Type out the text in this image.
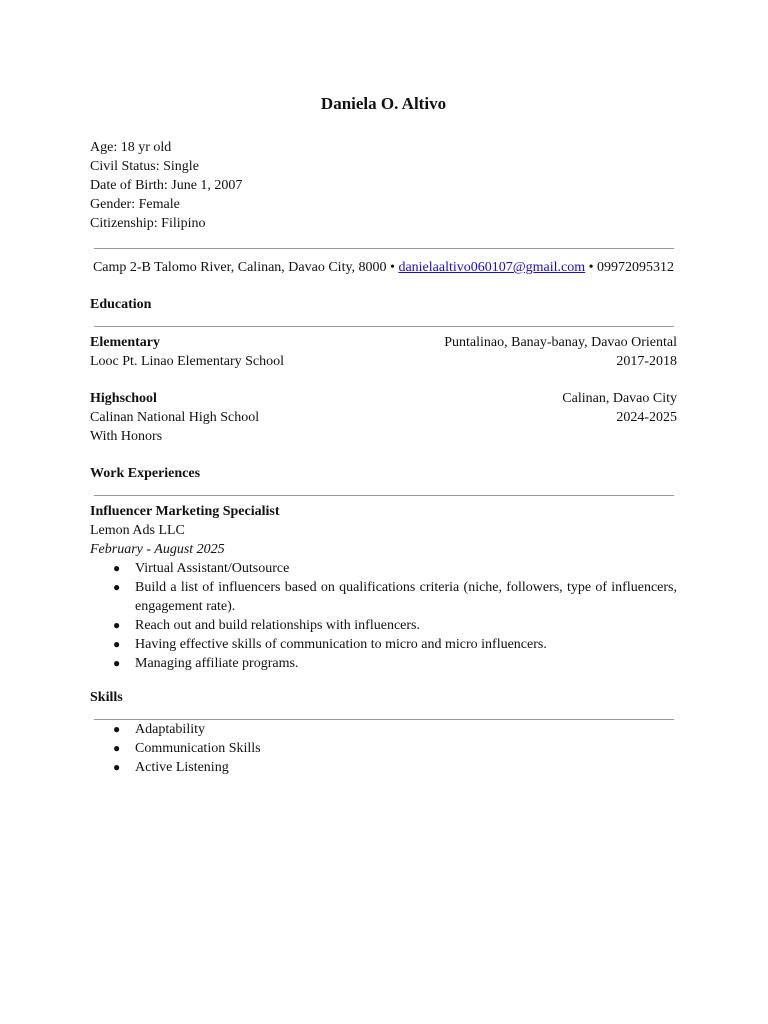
Daniela O. Altivo
Age: 18 yr old
Civil Status: Single
Date of Birth: June 1, 2007
Gender: Female
Citizenship: Filipino
Camp 2-B Talomo River, Calinan, Davao City, 8000 • danielaaltivo060107@gmail.com • 09972095312
Education
Elementary	Puntalinao, Banay-banay, Davao Oriental
Looc Pt. Linao Elementary School	2017-2018
Highschool	Calinan, Davao City
Calinan National High School	2024-2025
With Honors
Work Experiences
Influencer Marketing Specialist
Lemon Ads LLC
February - August 2025
● Virtual Assistant/Outsource
● Build a list of influencers based on qualifications criteria (niche, followers, type of influencers, engagement rate).
● Reach out and build relationships with influencers.
● Having effective skills of communication to micro and micro influencers.
● Managing affiliate programs.
Skills
● Adaptability
● Communication Skills
● Active Listening
